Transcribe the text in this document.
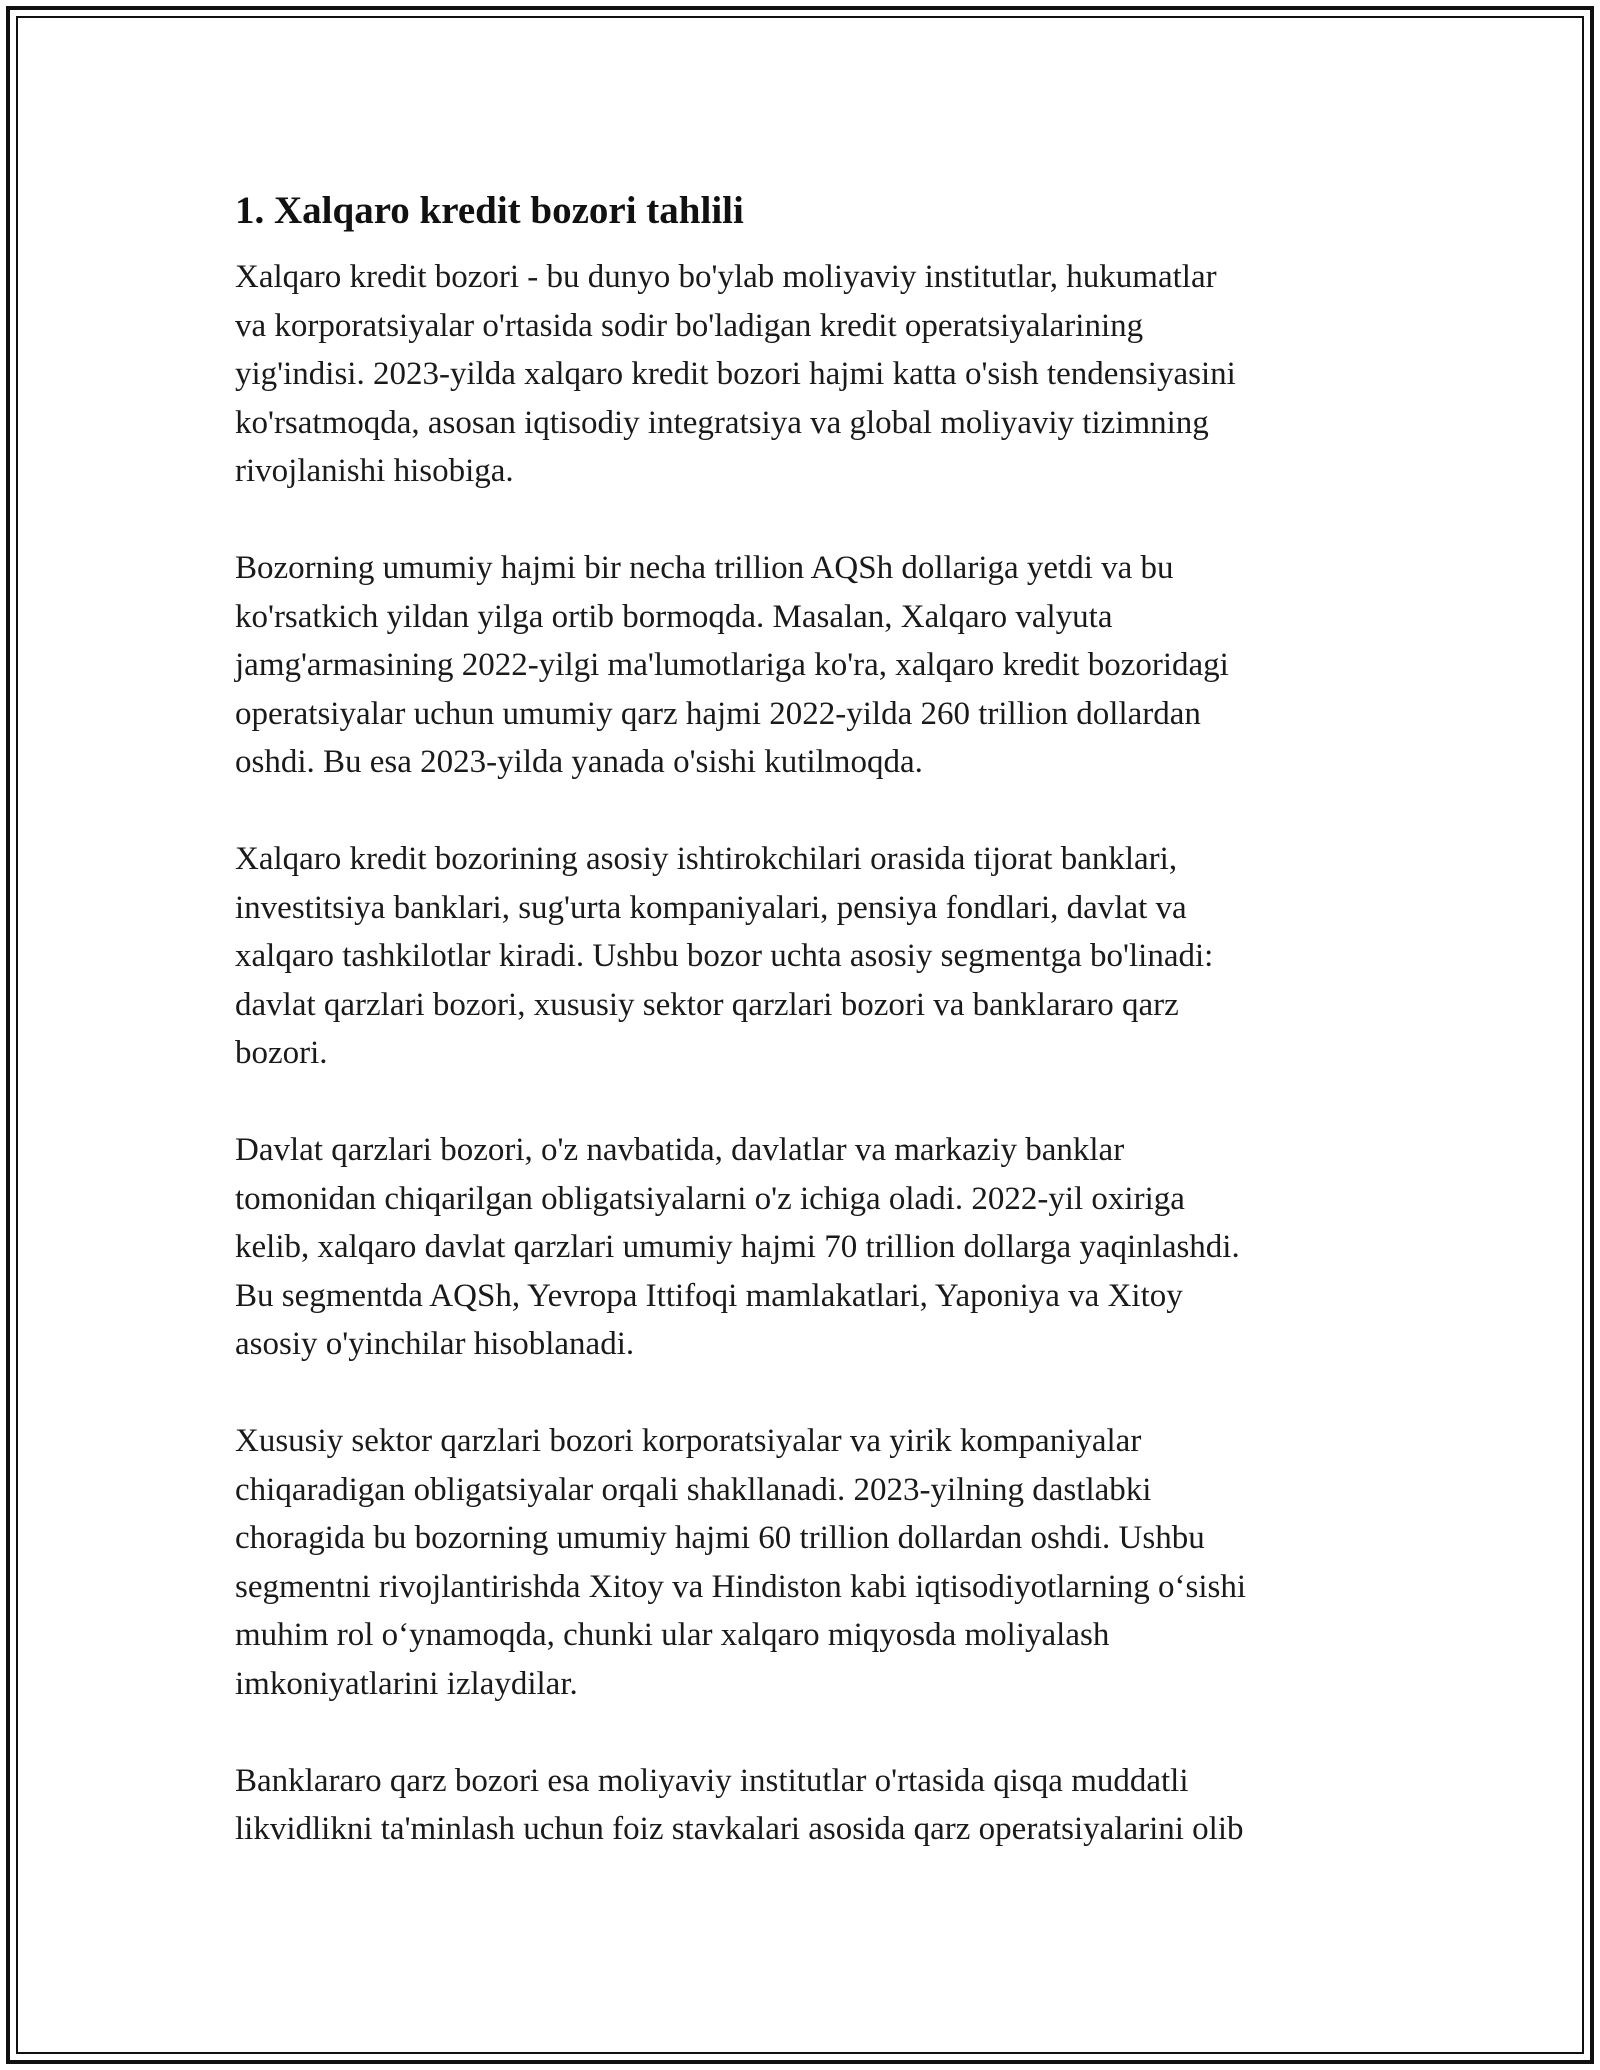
1. Xalqaro kredit bozori tahlili
Xalqaro kredit bozori - bu dunyo bo'ylab moliyaviy institutlar, hukumatlar
va korporatsiyalar o'rtasida sodir bo'ladigan kredit operatsiyalarining
yig'indisi. 2023-yilda xalqaro kredit bozori hajmi katta o'sish tendensiyasini
ko'rsatmoqda, asosan iqtisodiy integratsiya va global moliyaviy tizimning
rivojlanishi hisobiga.
Bozorning umumiy hajmi bir necha trillion AQSh dollariga yetdi va bu
ko'rsatkich yildan yilga ortib bormoqda. Masalan, Xalqaro valyuta
jamg'armasining 2022-yilgi ma'lumotlariga ko'ra, xalqaro kredit bozoridagi
operatsiyalar uchun umumiy qarz hajmi 2022-yilda 260 trillion dollardan
oshdi. Bu esa 2023-yilda yanada o'sishi kutilmoqda.
Xalqaro kredit bozorining asosiy ishtirokchilari orasida tijorat banklari,
investitsiya banklari, sug'urta kompaniyalari, pensiya fondlari, davlat va
xalqaro tashkilotlar kiradi. Ushbu bozor uchta asosiy segmentga bo'linadi:
davlat qarzlari bozori, xususiy sektor qarzlari bozori va banklararo qarz
bozori.
Davlat qarzlari bozori, o'z navbatida, davlatlar va markaziy banklar
tomonidan chiqarilgan obligatsiyalarni o'z ichiga oladi. 2022-yil oxiriga
kelib, xalqaro davlat qarzlari umumiy hajmi 70 trillion dollarga yaqinlashdi.
Bu segmentda AQSh, Yevropa Ittifoqi mamlakatlari, Yaponiya va Xitoy
asosiy o'yinchilar hisoblanadi.
Xususiy sektor qarzlari bozori korporatsiyalar va yirik kompaniyalar
chiqaradigan obligatsiyalar orqali shakllanadi. 2023-yilning dastlabki
choragida bu bozorning umumiy hajmi 60 trillion dollardan oshdi. Ushbu
segmentni rivojlantirishda Xitoy va Hindiston kabi iqtisodiyotlarning o‘sishi
muhim rol o‘ynamoqda, chunki ular xalqaro miqyosda moliyalash
imkoniyatlarini izlaydilar.
Banklararo qarz bozori esa moliyaviy institutlar o'rtasida qisqa muddatli
likvidlikni ta'minlash uchun foiz stavkalari asosida qarz operatsiyalarini olib
